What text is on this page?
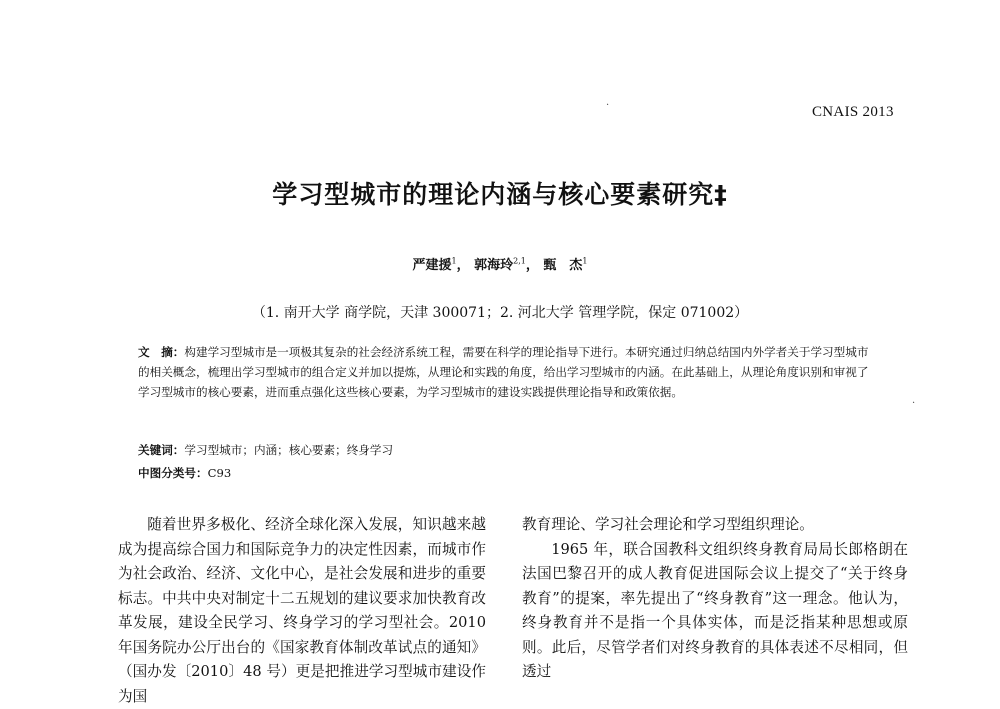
CNAIS 2013
学习型城市的理论内涵与核心要素研究‡
严建援$^1$， 郭海玲$^{2,1}$， 甄　杰$^1$
（1. 南开大学 商学院，天津 300071；2. 河北大学 管理学院，保定 071002）
文　摘：构建学习型城市是一项极其复杂的社会经济系统工程，需要在科学的理论指导下进行。本研究通过归纳总结国内外学者关于学习型城市的相关概念，梳理出学习型城市的组合定义并加以提炼，从理论和实践的角度，给出学习型城市的内涵。在此基础上，从理论角度识别和审视了学习型城市的核心要素，进而重点强化这些核心要素，为学习型城市的建设实践提供理论指导和政策依据。
关键词：学习型城市；内涵；核心要素；终身学习
中图分类号：C93

随着世界多极化、经济全球化深入发展，知识越来越成为提高综合国力和国际竞争力的决定性因素，而城市作为社会政治、经济、文化中心，是社会发展和进步的重要标志。中共中央对制定十二五规划的建议要求加快教育改革发展，建设全民学习、终身学习的学习型社会。2010 年国务院办公厅出台的《国家教育体制改革试点的通知》（国办发〔2010〕48 号）更是把推进学习型城市建设作为国

教育理论、学习社会理论和学习型组织理论。

1965 年，联合国教科文组织终身教育局局长郎格朗在法国巴黎召开的成人教育促进国际会议上提交了“关于终身教育”的提案，率先提出了“终身教育”这一理念。他认为，终身教育并不是指一个具体实体，而是泛指某种思想或原则。此后，尽管学者们对终身教育的具体表述不尽相同，但透过

·
·
